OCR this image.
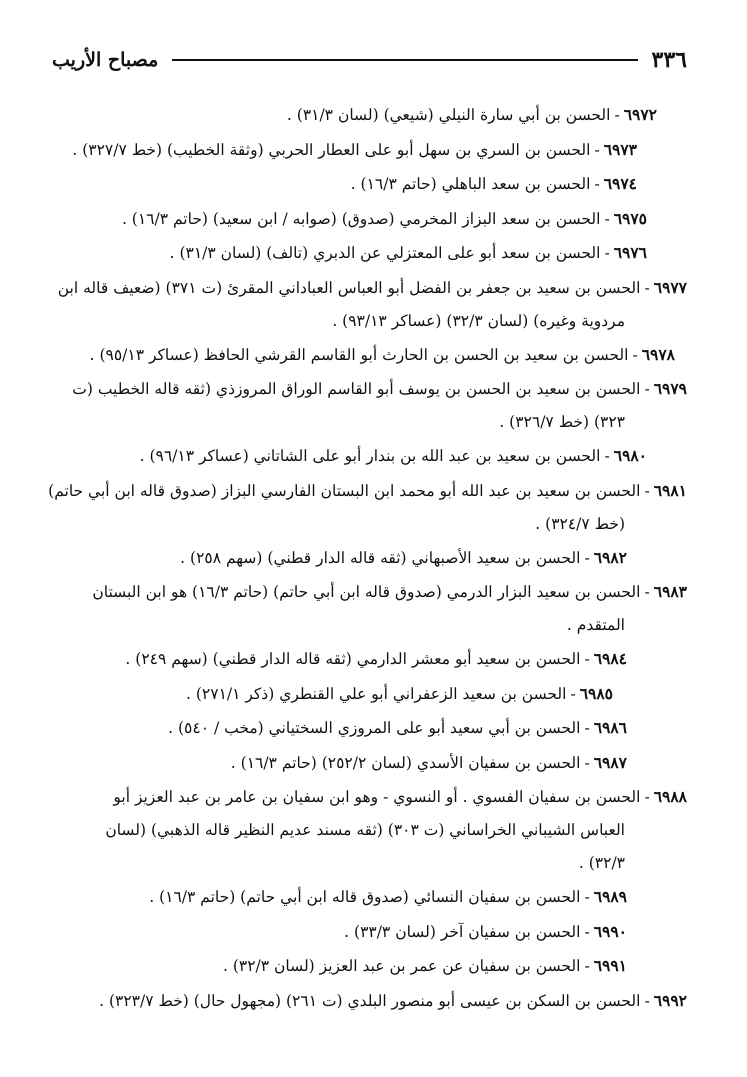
٣٣٦
مصباح الأريب

٦٩٧٢-الحسن بن أبي سارة النيلي (شيعي) (لسان ٣١/٣) .

٦٩٧٣-الحسن بن السري بن سهل أبو على العطار الحربي (وثقة الخطيب) (خط ٣٢٧/٧) .

٦٩٧٤-الحسن بن سعد الباهلي (حاتم ١٦/٣) .

٦٩٧٥-الحسن بن سعد البزاز المخرمي (صدوق) (صوابه / ابن سعيد) (حاتم ١٦/٣) .

٦٩٧٦-الحسن بن سعد أبو على المعتزلي عن الدبري (تالف) (لسان ٣١/٣) .

٦٩٧٧-الحسن بن سعيد بن جعفر بن الفضل أبو العباس العباداني المقرئ (ت ٣٧١) (ضعيف قاله ابن
مردوية وغيره) (لسان ٣٢/٣) (عساكر ٩٣/١٣) .

٦٩٧٨-الحسن بن سعيد بن الحسن بن الحارث أبو القاسم القرشي الحافظ (عساكر ٩٥/١٣) .

٦٩٧٩-الحسن بن سعيد بن الحسن بن يوسف أبو القاسم الوراق المروزذي (ثقه قاله الخطيب (ت
٣٢٣) (خط ٣٢٦/٧) .

٦٩٨٠-الحسن بن سعيد بن عبد الله بن بندار أبو على الشاتاني (عساكر ٩٦/١٣) .

٦٩٨١-الحسن بن سعيد بن عبد الله أبو محمد ابن البستان الفارسي البزاز (صدوق قاله ابن أبي حاتم)
(خط ٣٢٤/٧) .

٦٩٨٢-الحسن بن سعيد الأصبهاني (ثقه قاله الدار قطني) (سهم ٢٥٨) .

٦٩٨٣-الحسن بن سعيد البزار الدرمي (صدوق قاله ابن أبي حاتم) (حاتم ١٦/٣) هو ابن البستان
المتقدم .

٦٩٨٤-الحسن بن سعيد أبو معشر الدارمي (ثقه قاله الدار قطني) (سهم ٢٤٩) .

٦٩٨٥-الحسن بن سعيد الزعفراني أبو علي القنطري (ذكر ٢٧١/١) .

٦٩٨٦-الحسن بن أبي سعيد أبو على المروزي السختياني (مخب / ٥٤٠) .

٦٩٨٧-الحسن بن سفيان الأسدي (لسان ٢٥٢/٢) (حاتم ١٦/٣) .

٦٩٨٨-الحسن بن سفيان الفسوي . أو النسوي - وهو ابن سفيان بن عامر بن عبد العزيز أبو
العباس الشيباني الخراساني (ت ٣٠٣) (ثقه مسند عديم النظير قاله الذهبي) (لسان
٣٢/٣) .

٦٩٨٩-الحسن بن سفيان النسائي (صدوق قاله ابن أبي حاتم) (حاتم ١٦/٣) .

٦٩٩٠-الحسن بن سفيان آخر (لسان ٣٣/٣) .

٦٩٩١-الحسن بن سفيان عن عمر بن عبد العزيز (لسان ٣٢/٣) .

٦٩٩٢-الحسن بن السكن بن عيسى أبو منصور البلدي (ت ٢٦١) (مجهول حال) (خط ٣٢٣/٧) .
